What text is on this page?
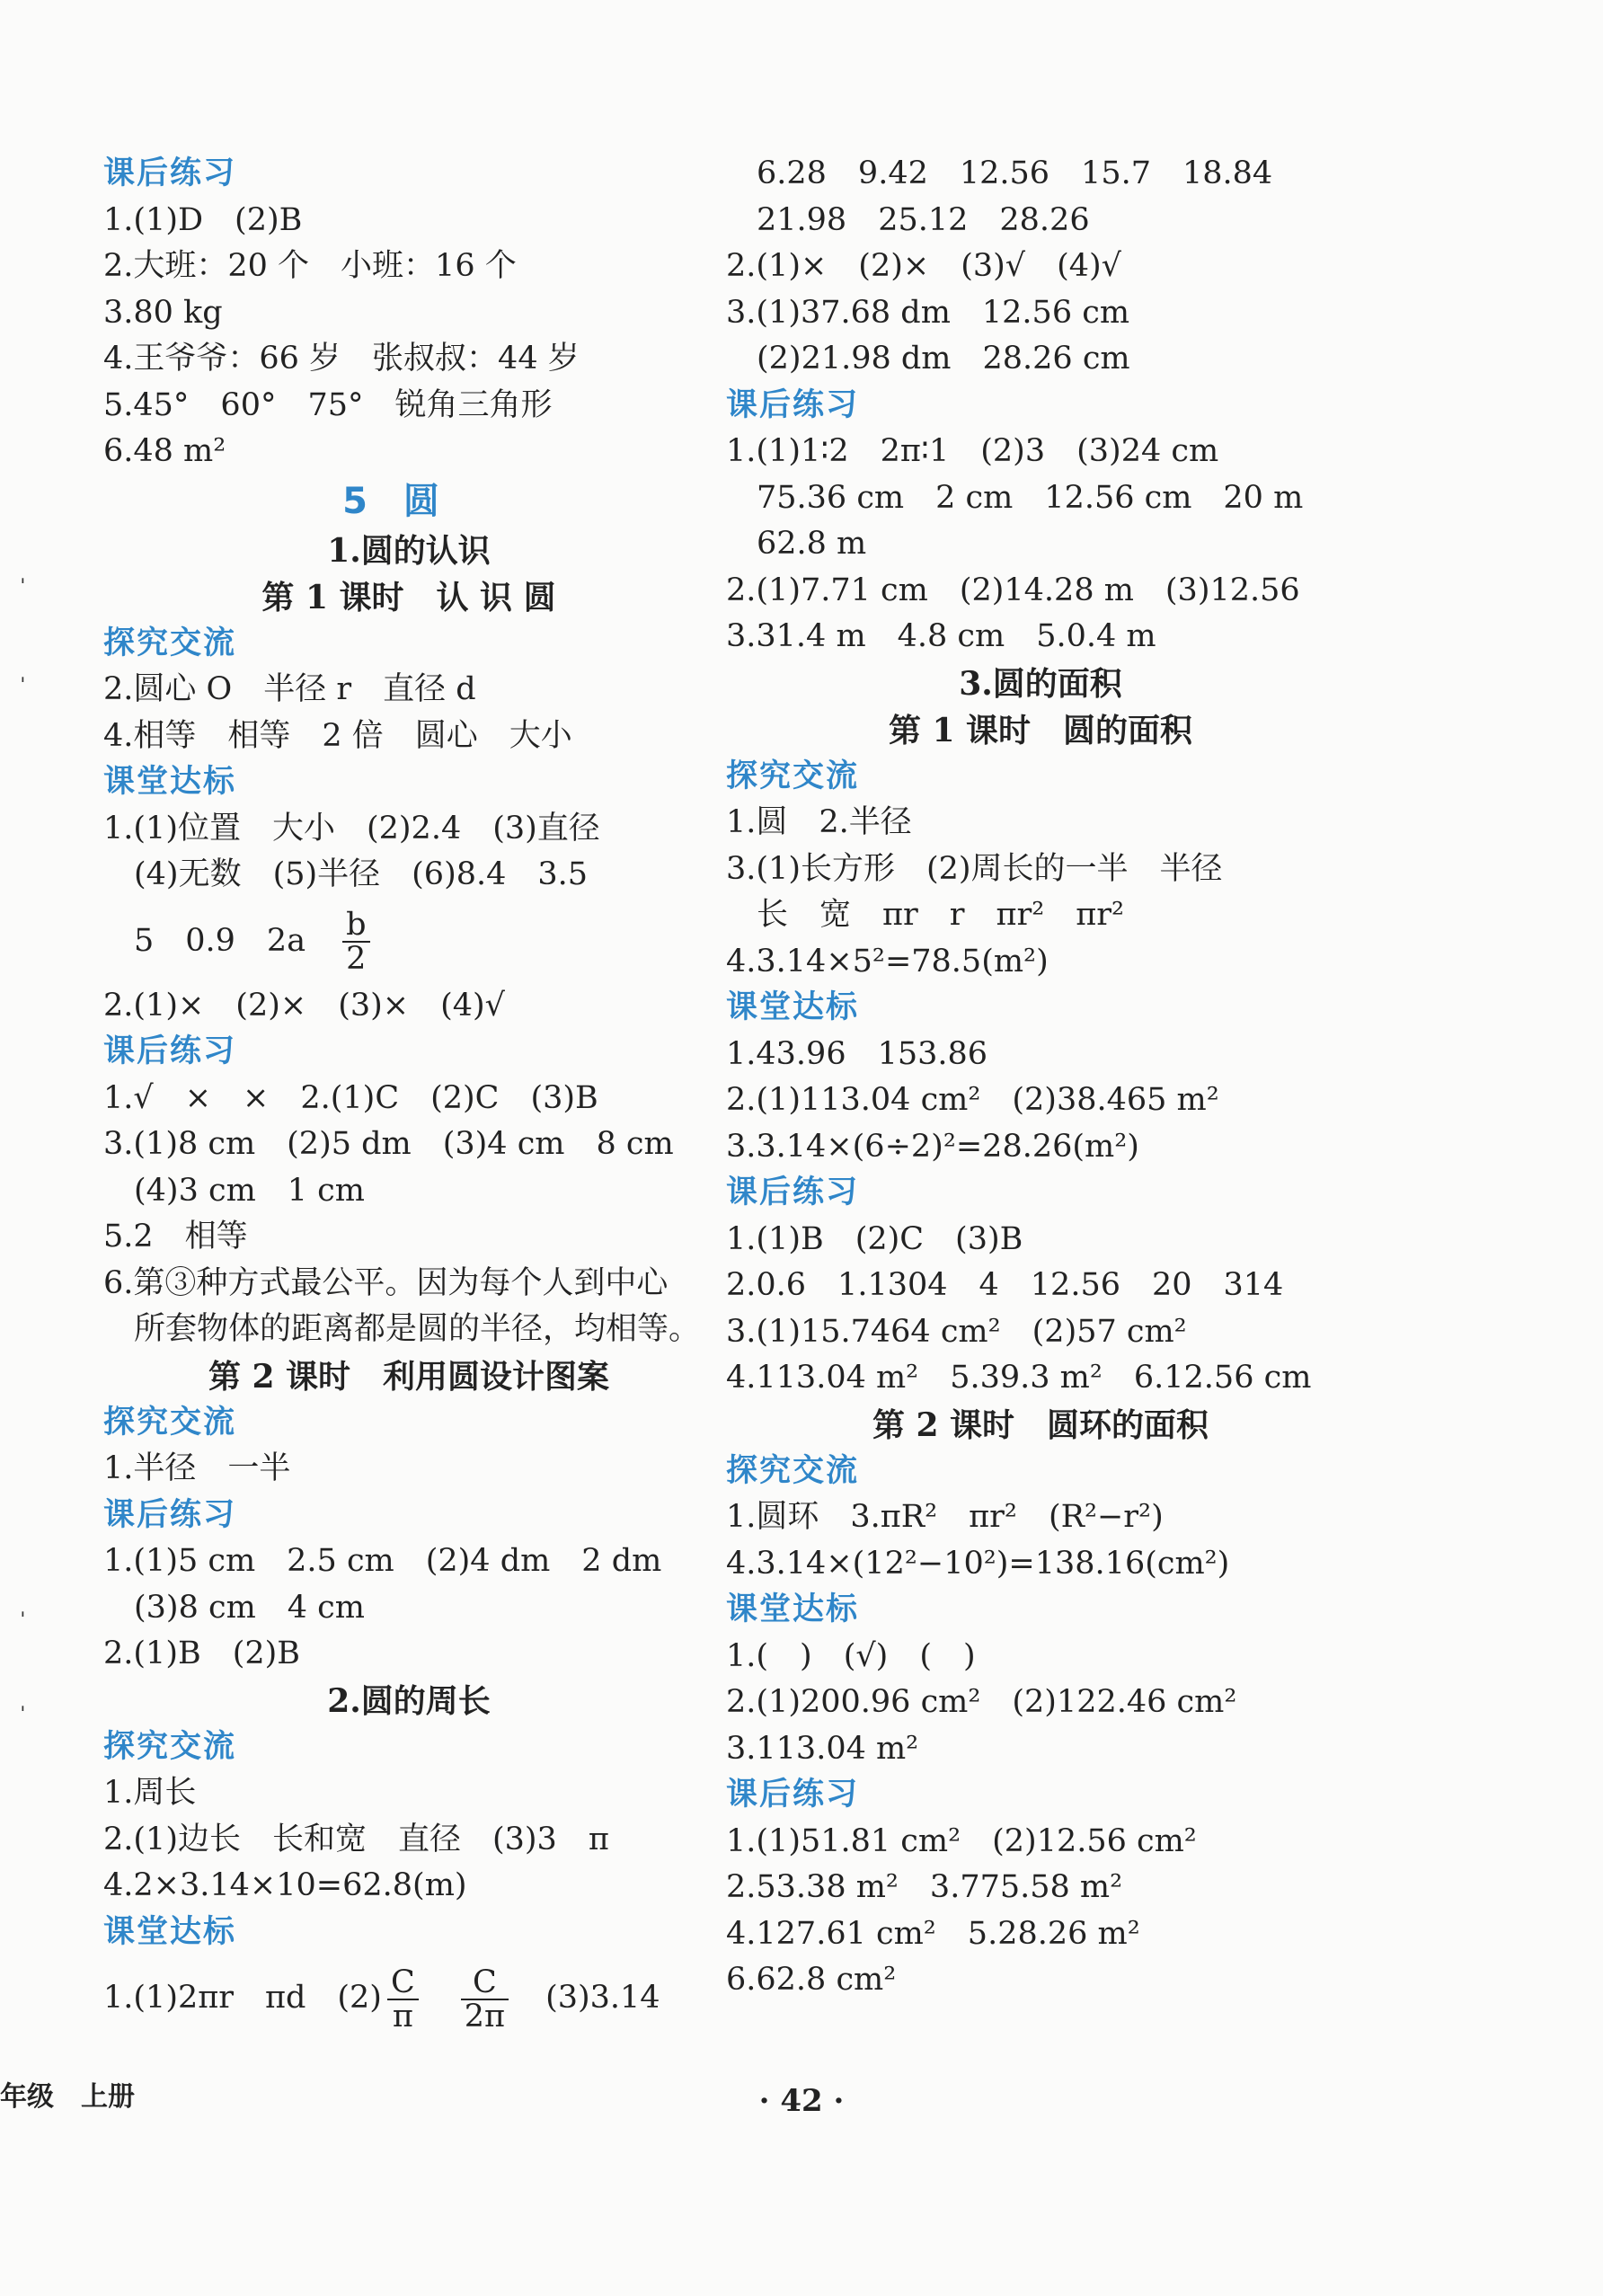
课后练习
1.(1)D　(2)B
2.大班：20 个　小班：16 个
3.80 kg
4.王爷爷：66 岁　张叔叔：44 岁
5.45°　60°　75°　锐角三角形
6.48 m²
5　圆
1.圆的认识
第 1 课时　认 识 圆
探究交流
2.圆心 O　半径 r　直径 d
4.相等　相等　2 倍　圆心　大小
课堂达标
1.(1)位置　大小　(2)2.4　(3)直径
(4)无数　(5)半径　(6)8.4　3.5
5　0.9　2a　 $\frac{b}{2}$
2.(1)×　(2)×　(3)×　(4)√
课后练习
1.√　×　×　2.(1)C　(2)C　(3)B
3.(1)8 cm　(2)5 dm　(3)4 cm　8 cm
(4)3 cm　1 cm
5.2　相等
6.第③种方式最公平。因为每个人到中心
所套物体的距离都是圆的半径，均相等。
第 2 课时　利用圆设计图案
探究交流
1.半径　一半
课后练习
1.(1)5 cm　2.5 cm　(2)4 dm　2 dm
(3)8 cm　4 cm
2.(1)B　(2)B
2.圆的周长
探究交流
1.周长
2.(1)边长　长和宽　直径　(3)3　π
4.2×3.14×10=62.8(m)
课堂达标
1.(1)2πr　πd　$(2) \frac{C}{\pi}$
　 $\frac{C}{2\pi}$
　 (3)3.14
6.28　9.42　12.56　15.7　18.84
21.98　25.12　28.26
2.(1)×　(2)×　(3)√　(4)√
3.(1)37.68 dm　12.56 cm
(2)21.98 dm　28.26 cm
课后练习
1.(1)1∶2　2π∶1　(2)3　(3)24 cm
75.36 cm　2 cm　12.56 cm　20 m
62.8 m
2.(1)7.71 cm　(2)14.28 m　(3)12.56
3.31.4 m　4.8 cm　5.0.4 m
3.圆的面积
第 1 课时　圆的面积
探究交流
1.圆　2.半径
3.(1)长方形　(2)周长的一半　半径
长　宽　πr　r　πr²　πr²
4.3.14×5²=78.5(m²)
课堂达标
1.43.96　153.86
2.(1)113.04 cm²　(2)38.465 m²
3.3.14×(6÷2)²=28.26(m²)
课后练习
1.(1)B　(2)C　(3)B
2.0.6　1.1304　4　12.56　20　314
3.(1)15.7464 cm²　(2)57 cm²
4.113.04 m²　5.39.3 m²　6.12.56 cm
第 2 课时　圆环的面积
探究交流
1.圆环　3.πR²　πr²　(R²−r²)
4.3.14×(12²−10²)=138.16(cm²)
课堂达标
1.(　)　(√)　(　)
2.(1)200.96 cm²　(2)122.46 cm²
3.113.04 m²
课后练习
1.(1)51.81 cm²　(2)12.56 cm²
2.53.38 m²　3.775.58 m²
4.127.61 cm²　5.28.26 m²
6.62.8 cm²
年级　上册	· 42 ·
ˈ
ˈ
ˈ
ˈ
